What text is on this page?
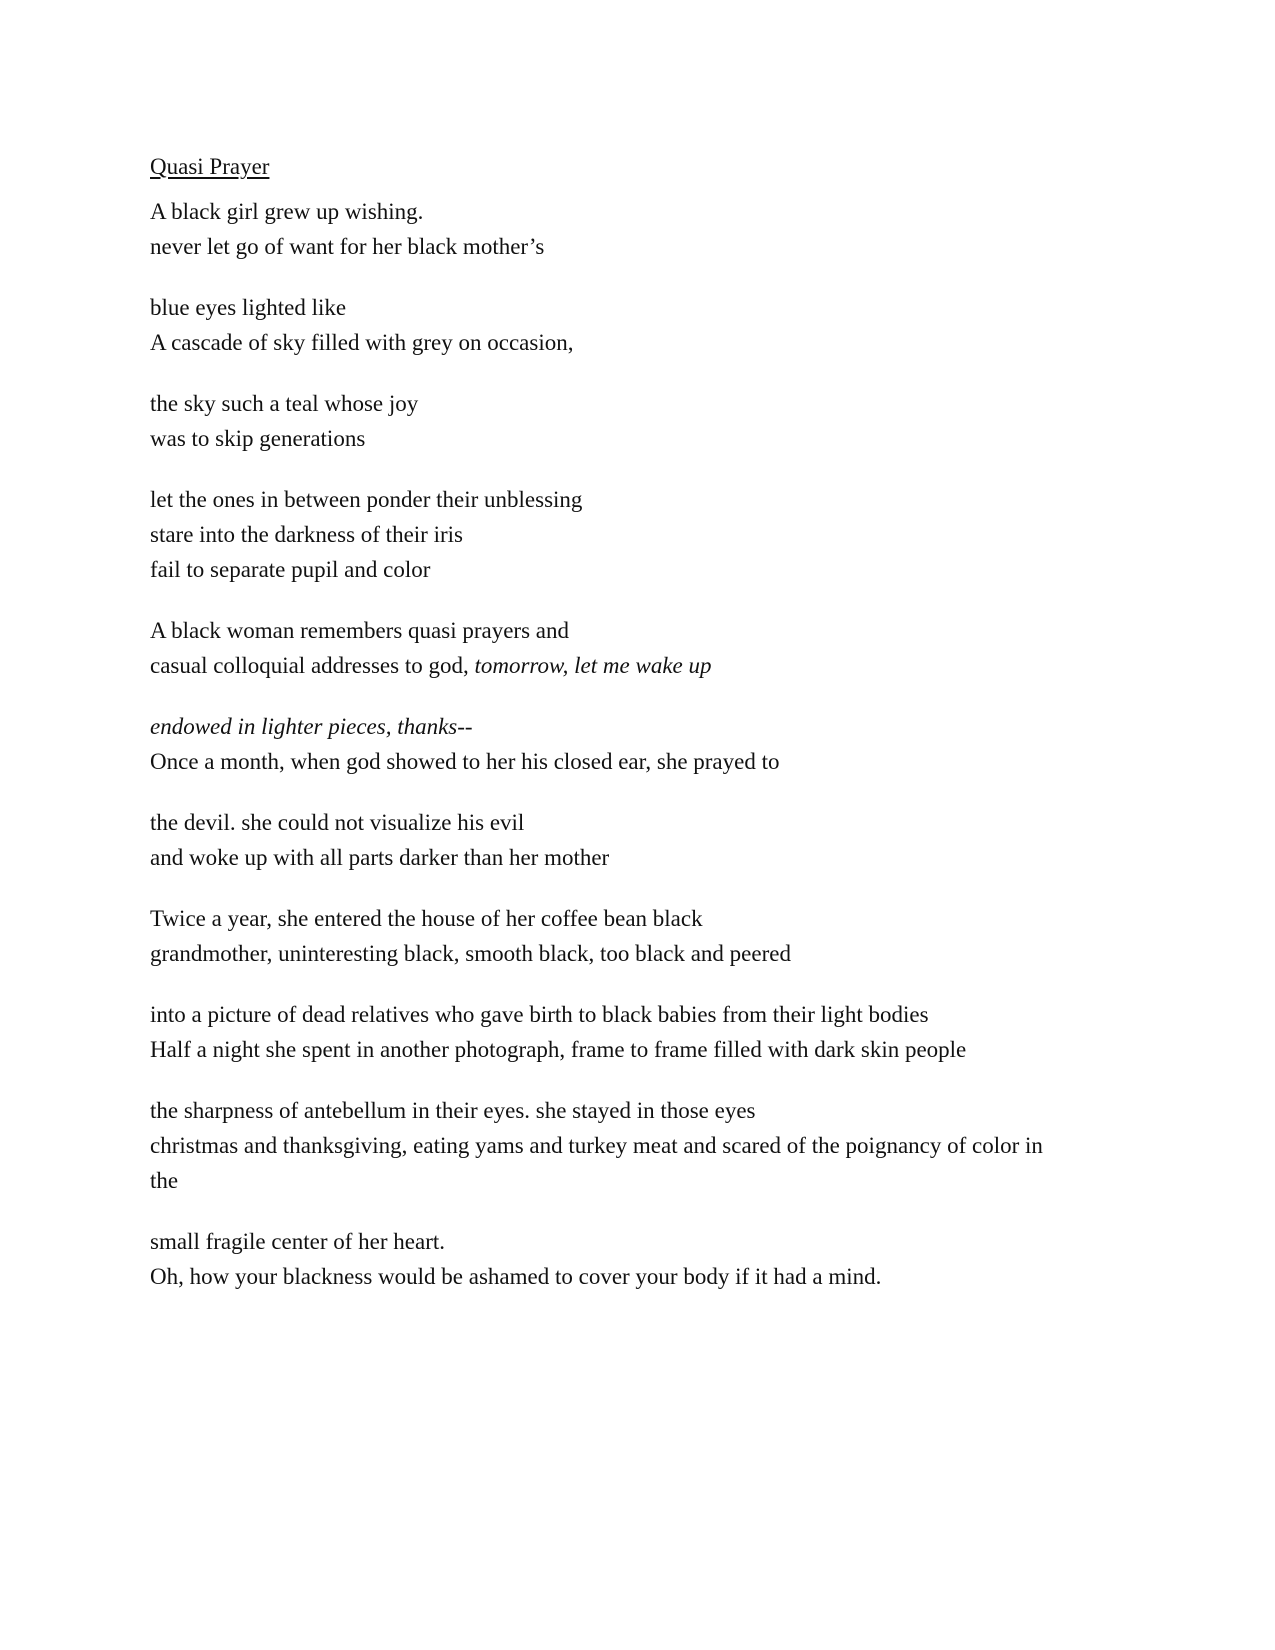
Quasi Prayer
A black girl grew up wishing.
never let go of want for her black mother’s
blue eyes lighted like
A cascade of sky filled with grey on occasion,
the sky such a teal whose joy
was to skip generations
let the ones in between ponder their unblessing
stare into the darkness of their iris
fail to separate pupil and color
A black woman remembers quasi prayers and
casual colloquial addresses to god, tomorrow, let me wake up
endowed in lighter pieces, thanks--
Once a month, when god showed to her his closed ear, she prayed to
the devil. she could not visualize his evil
and woke up with all parts darker than her mother
Twice a year, she entered the house of her coffee bean black
grandmother, uninteresting black, smooth black, too black and peered
into a picture of dead relatives who gave birth to black babies from their light bodies
Half a night she spent in another photograph, frame to frame filled with dark skin people
the sharpness of antebellum in their eyes. she stayed in those eyes
christmas and thanksgiving, eating yams and turkey meat and scared of the poignancy of color in
the
small fragile center of her heart.
Oh, how your blackness would be ashamed to cover your body if it had a mind.
